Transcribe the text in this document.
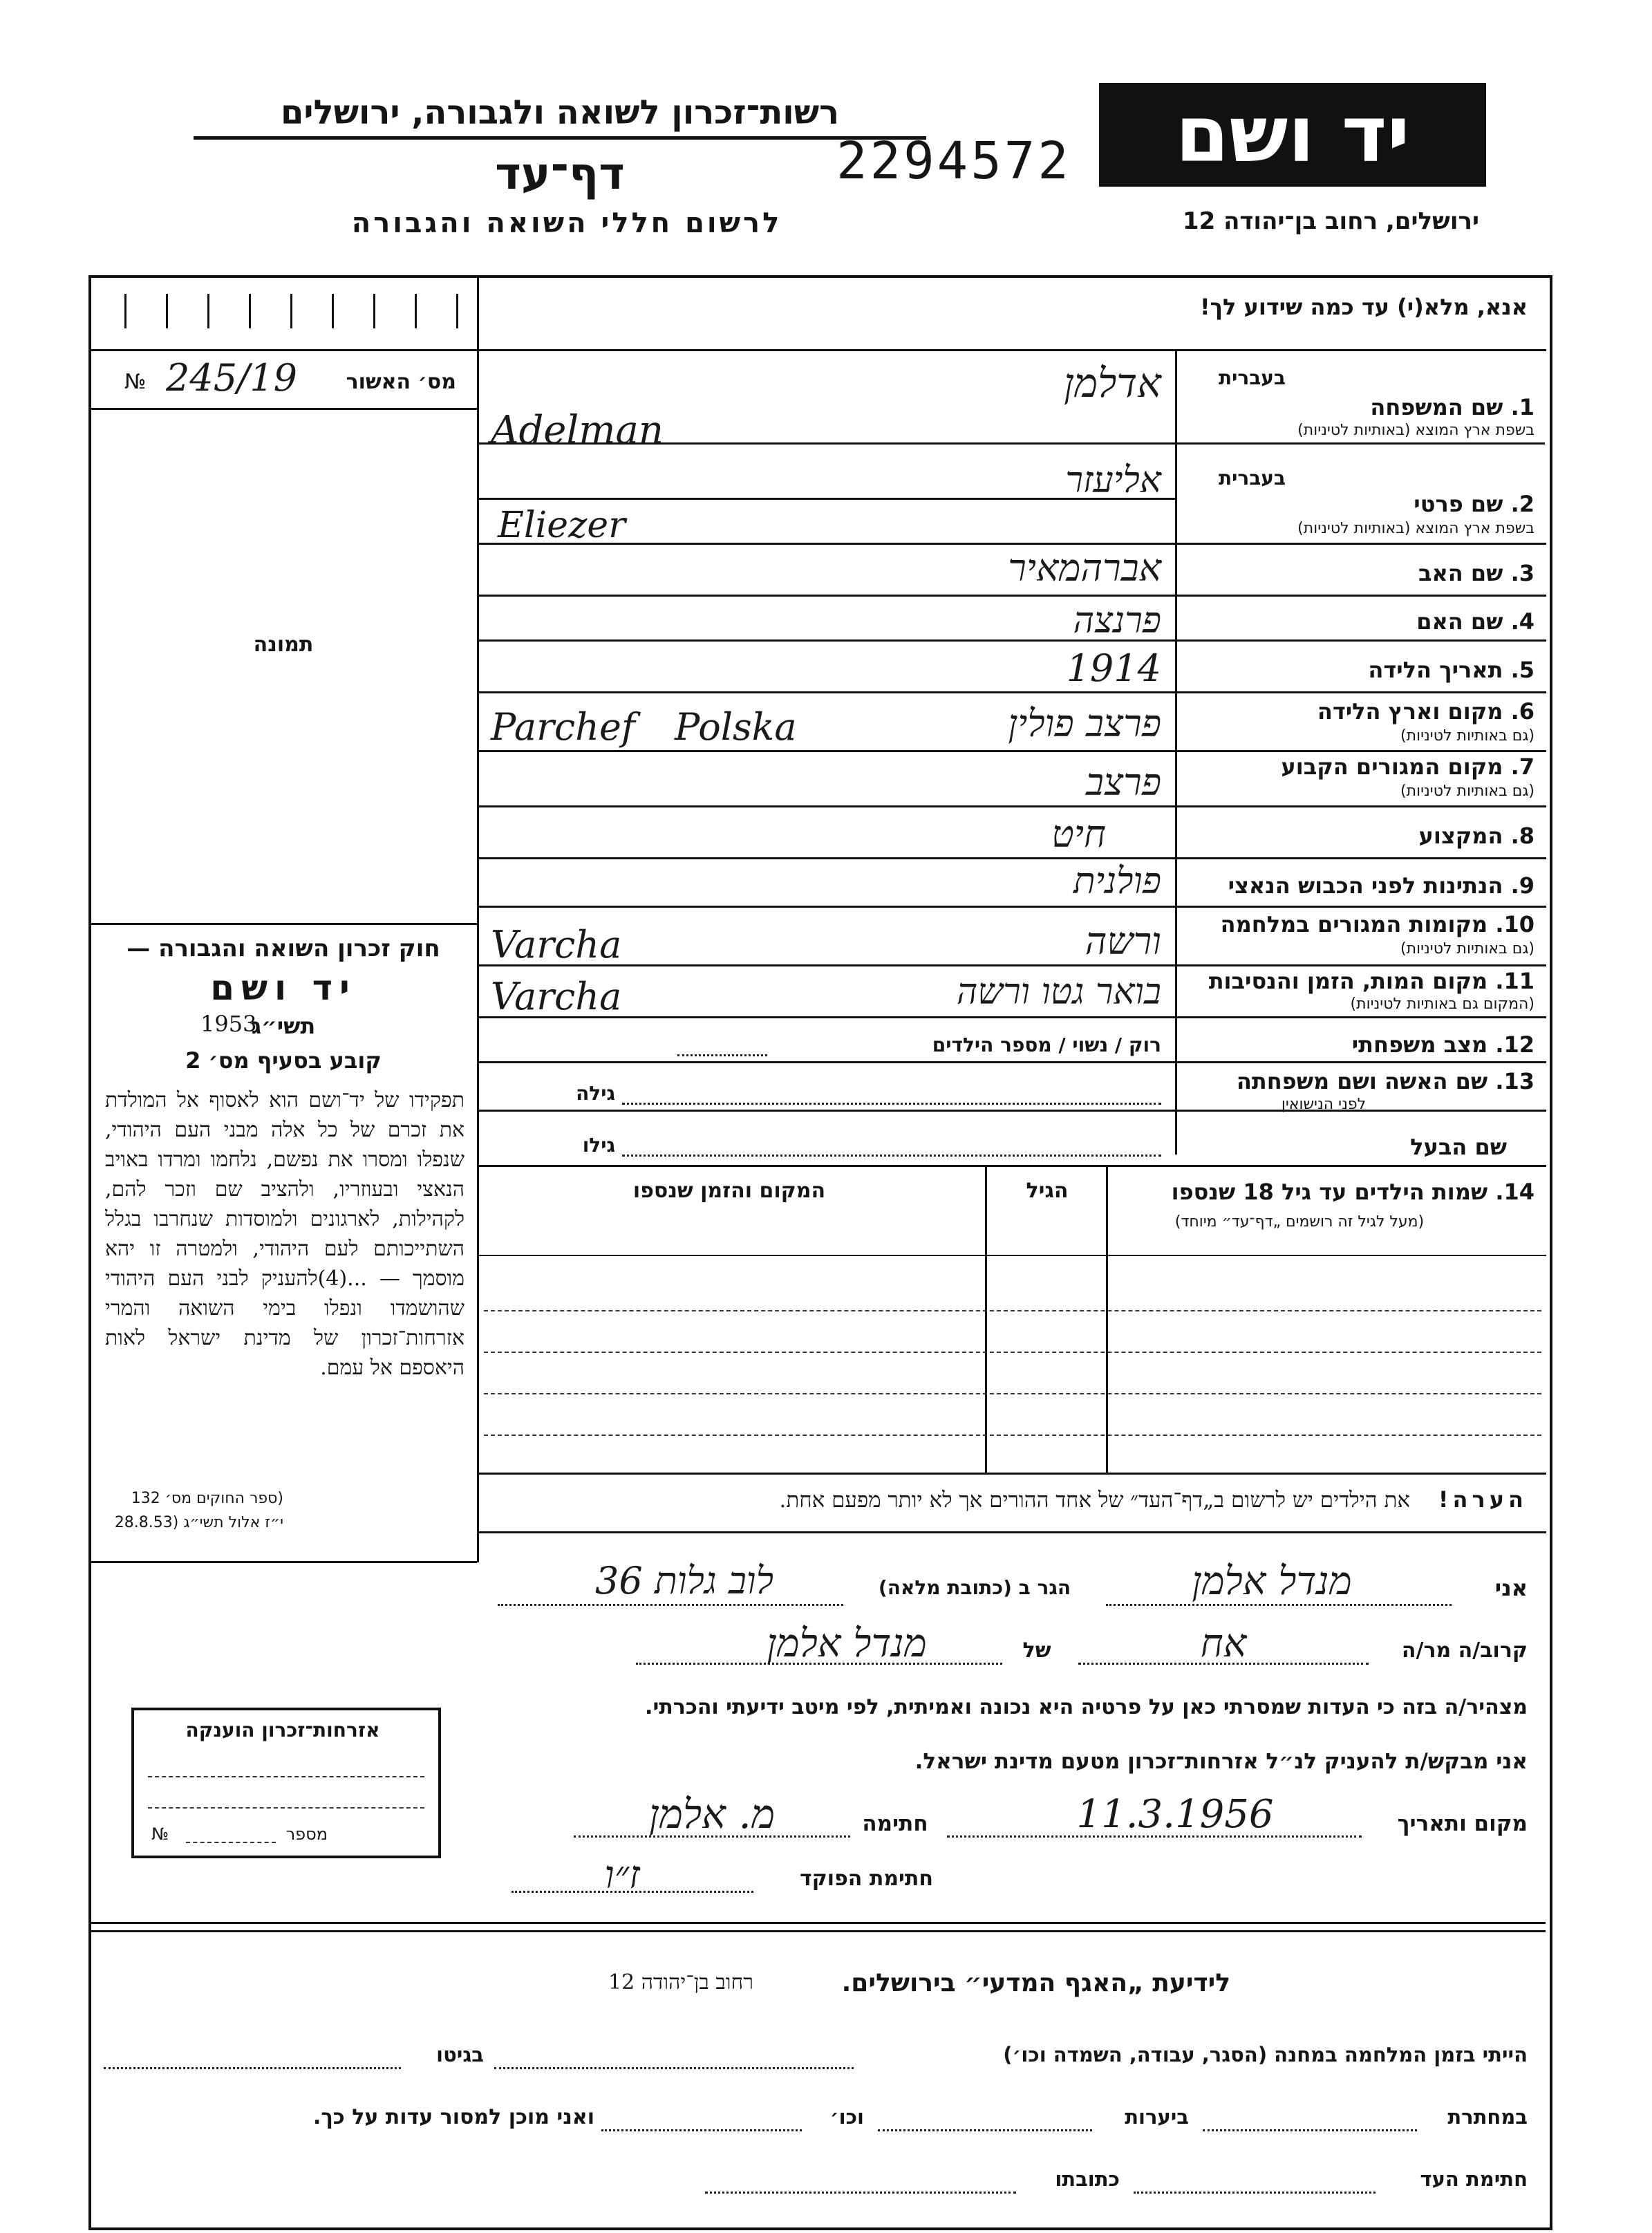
יד ושם
רשות־זכרון לשואה ולגבורה, ירושלים
דף־עד	2294572
ירושלים, רחוב בן־יהודה 12
לרשום חללי השואה והגבורה
№ 245/19	מס׳ האשור
תמונה
חוק זכרון השואה והגבורה —
יד ושם
תשי״ג
1953
קובע בסעיף מס׳ 2
תפקידו של יד־ושם הוא לאסוף אל המולדת את זכרם של כל אלה מבני העם היהודי, שנפלו ומסרו את נפשם, נלחמו ומרדו באויב הנאצי ובעוזריו, ולהציב שם וזכר להם, לקהילות, לארגונים ולמוסדות שנחרבו בגלל השתייכותם לעם היהודי, ולמטרה זו יהא מוסמך — ...(4)להעניק לבני העם היהודי שהושמדו ונפלו בימי השואה והמרי אזרחות־זכרון של מדינת ישראל לאות היאספם אל עמם.
(ספר החוקים מס׳ 132
י״ז אלול תשי״ג (28.8.53
אזרחות־זכרון הוענקה
№	מספר
אנא, מלא(י) עד כמה שידוע לך!
בעברית
בעברית
1. שם המשפחה
בשפת ארץ המוצא (באותיות לטיניות)
אדלמן
Adelman
2. שם פרטי
בשפת ארץ המוצא (באותיות לטיניות)
אליעזר
Eliezer
3. שם האב
אברהמאיר
4. שם האם
פרנצה
5. תאריך הלידה
1914
6. מקום וארץ הלידה
(גם באותיות לטיניות)
פרצב פולין
Parchef Polska
7. מקום המגורים הקבוע
(גם באותיות לטיניות)
פרצב
8. המקצוע
חיט
9. הנתינות לפני הכבוש הנאצי
פולנית
10. מקומות המגורים במלחמה
(גם באותיות לטיניות)
ורשה
Varcha
11. מקום המות, הזמן והנסיבות
(המקום גם באותיות לטיניות)
בואר גטו ורשה
Varcha
12. מצב משפחתי
רוק / נשוי / מספר הילדים
13. שם האשה ושם משפחתה
לפני הנישואין
גילה
שם הבעל
גילו
14. שמות הילדים עד גיל 18 שנספו
(מעל לגיל זה רושמים „דף־עד״ מיוחד)
הגיל
המקום והזמן שנספו
הערה!
את הילדים יש לרשום ב„דף־העד״ של אחד ההורים אך לא יותר מפעם אחת.
אני
מנדל אלמן
הגר ב (כתובת מלאה)
לוב גלות 36
קרוב/ה מר/ה
אח
של
מנדל אלמן
מצהיר/ה בזה כי העדות שמסרתי כאן על פרטיה היא נכונה ואמיתית, לפי מיטב ידיעתי והכרתי.
אני מבקש/ת להעניק לנ״ל אזרחות־זכרון מטעם מדינת ישראל.
מקום ותאריך
11.3.1956
חתימה
מ. אלמן
חתימת הפוקד
ז״ו
לידיעת „האגף המדעי״ בירושלים.
רחוב בן־יהודה 12
הייתי בזמן המלחמה במחנה (הסגר, עבודה, השמדה וכו׳)
בגיטו
במחתרת
ביערות
וכו׳
ואני מוכן למסור עדות על כך.
חתימת העד
כתובתו
